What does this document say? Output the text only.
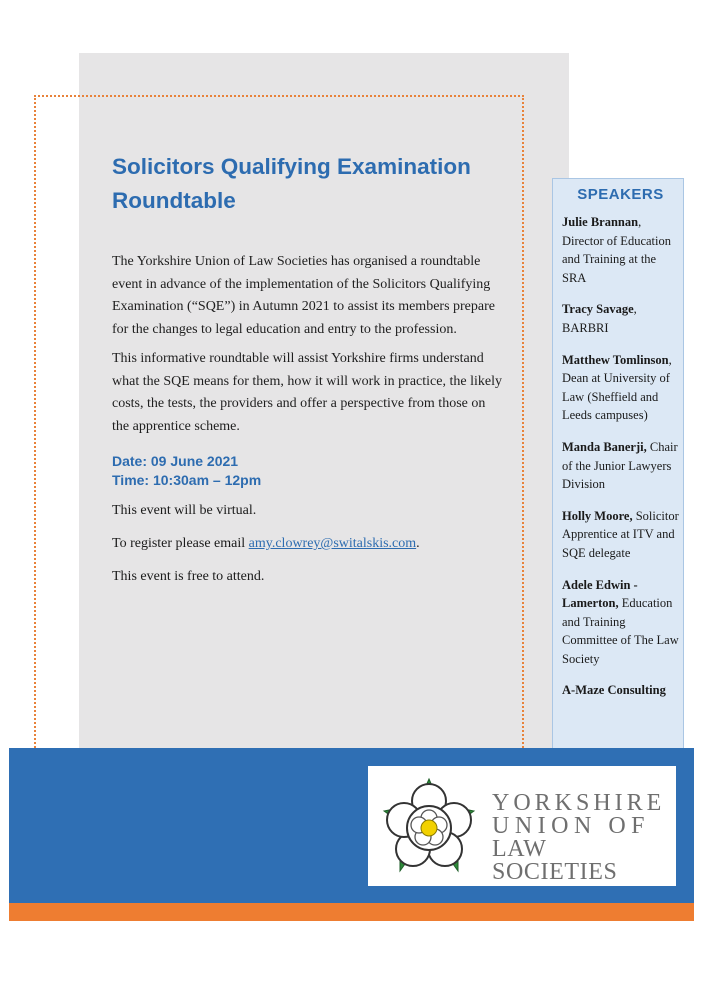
Solicitors Qualifying Examination
Roundtable

The Yorkshire Union of Law Societies has organised a roundtable event in advance of the implementation of the Solicitors Qualifying Examination (“SQE”) in Autumn 2021 to assist its members prepare for the changes to legal education and entry to the profession.

This informative roundtable will assist Yorkshire firms understand what the SQE means for them, how it will work in practice, the likely costs, the tests, the providers and offer a perspective from those on the apprentice scheme.

Date: 09 June 2021
Time: 10:30am – 12pm

This event will be virtual.

To register please email amy.clowrey@switalskis.com.

This event is free to attend.

SPEAKERS
Julie Brannan, Director of Education and Training at the SRA
Tracy Savage, BARBRI
Matthew Tomlinson, Dean at University of Law (Sheffield and Leeds campuses)
Manda Banerji, Chair of the Junior Lawyers Division
Holly Moore, Solicitor Apprentice at ITV and SQE delegate
Adele Edwin - Lamerton, Education and Training Committee of The Law Society
A-Maze Consulting
YORKSHIRE
UNION OF
LAW SOCIETIES
